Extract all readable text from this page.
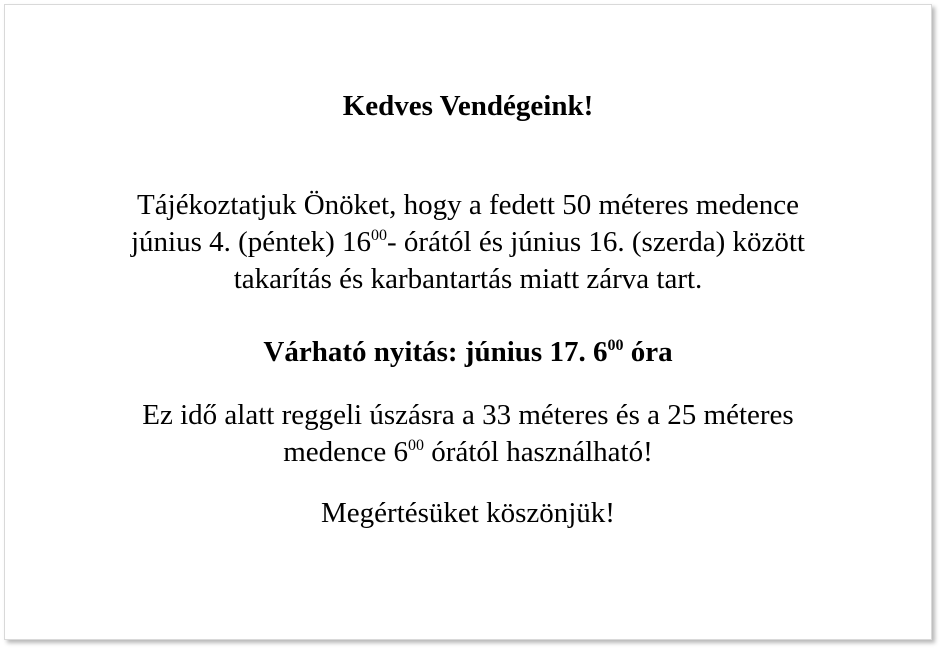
Kedves Vendégeink!

Tájékoztatjuk Önöket, hogy a fedett 50 méteres medence
június 4. (péntek) $16^{00}-$ órától és június 16. (szerda) között
takarítás és karbantartás miatt zárva tart.

Várható nyitás: június 17. $6^{00}$ óra

Ez idő alatt reggeli úszásra a 33 méteres és a 25 méteres
medence $6^{00}$ órától használható!

Megértésüket köszönjük!
